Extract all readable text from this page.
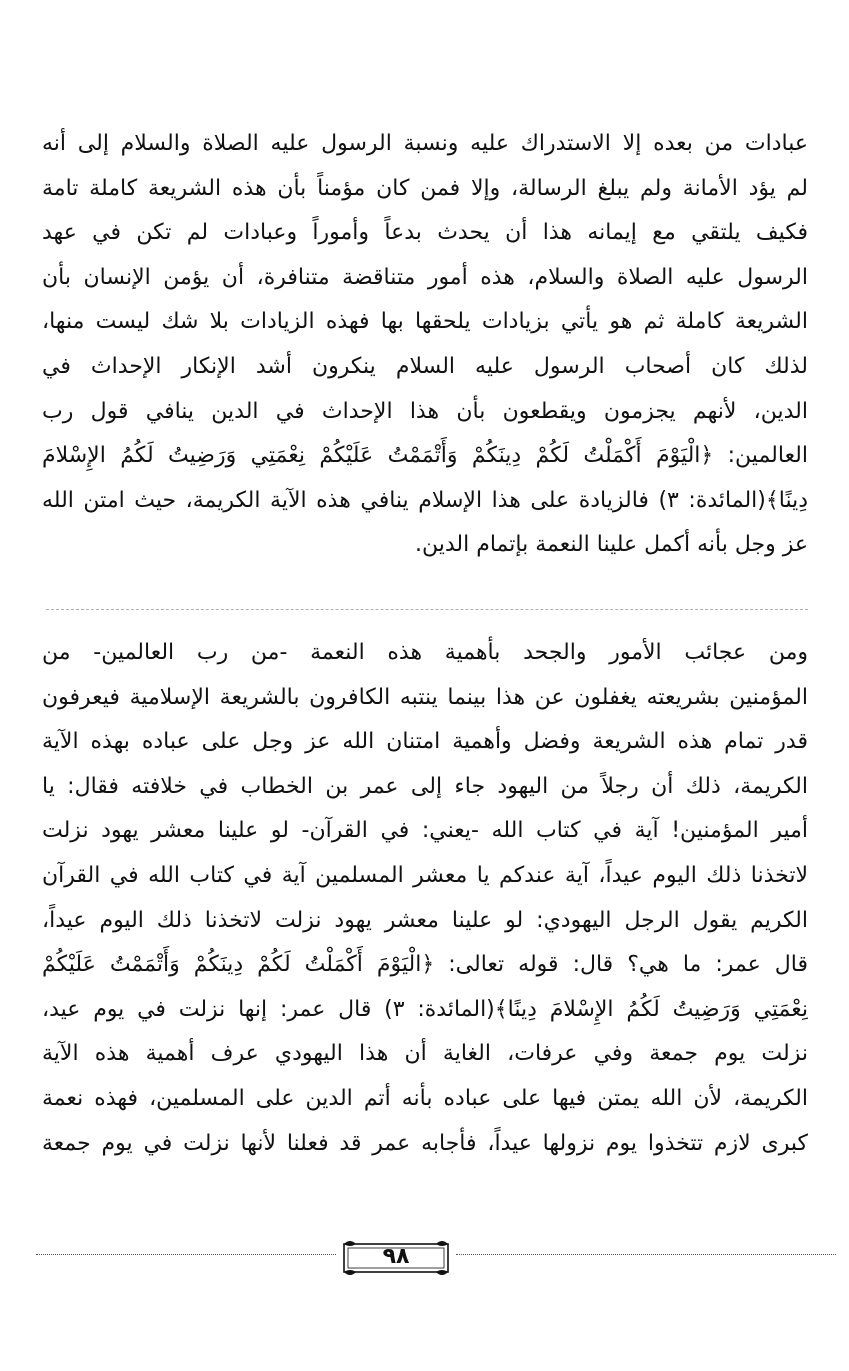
عبادات من بعده إلا الاستدراك عليه ونسبة الرسول عليه الصلاة والسلام إلى أنه
لم يؤد الأمانة ولم يبلغ الرسالة، وإلا فمن كان مؤمناً بأن هذه الشريعة كاملة تامة
فكيف يلتقي مع إيمانه هذا أن يحدث بدعاً وأموراً وعبادات لم تكن في عهد
الرسول عليه الصلاة والسلام، هذه أمور متناقضة متنافرة، أن يؤمن الإنسان بأن
الشريعة كاملة ثم هو يأتي بزيادات يلحقها بها فهذه الزيادات بلا شك ليست منها،
لذلك كان أصحاب الرسول عليه السلام ينكرون أشد الإنكار الإحداث في
الدين، لأنهم يجزمون ويقطعون بأن هذا الإحداث في الدين ينافي قول رب
العالمين: ﴿الْيَوْمَ أَكْمَلْتُ لَكُمْ دِينَكُمْ وَأَتْمَمْتُ عَلَيْكُمْ نِعْمَتِي وَرَضِيتُ لَكُمُ الإِسْلامَ
دِينًا﴾(المائدة: ٣) فالزيادة على هذا الإسلام ينافي هذه الآية الكريمة، حيث امتن الله
عز وجل بأنه أكمل علينا النعمة بإتمام الدين.
ومن عجائب الأمور والجحد بأهمية هذه النعمة -من رب العالمين- من
المؤمنين بشريعته يغفلون عن هذا بينما ينتبه الكافرون بالشريعة الإسلامية فيعرفون
قدر تمام هذه الشريعة وفضل وأهمية امتنان الله عز وجل على عباده بهذه الآية
الكريمة، ذلك أن رجلاً من اليهود جاء إلى عمر بن الخطاب في خلافته فقال: يا
أمير المؤمنين! آية في كتاب الله -يعني: في القرآن- لو علينا معشر يهود نزلت
لاتخذنا ذلك اليوم عيداً، آية عندكم يا معشر المسلمين آية في كتاب الله في القرآن
الكريم يقول الرجل اليهودي: لو علينا معشر يهود نزلت لاتخذنا ذلك اليوم عيداً،
قال عمر: ما هي؟ قال: قوله تعالى: ﴿الْيَوْمَ أَكْمَلْتُ لَكُمْ دِينَكُمْ وَأَتْمَمْتُ عَلَيْكُمْ
نِعْمَتِي وَرَضِيتُ لَكُمُ الإِسْلامَ دِينًا﴾(المائدة: ٣) قال عمر: إنها نزلت في يوم عيد،
نزلت يوم جمعة وفي عرفات، الغاية أن هذا اليهودي عرف أهمية هذه الآية
الكريمة، لأن الله يمتن فيها على عباده بأنه أتم الدين على المسلمين، فهذه نعمة
كبرى لازم تتخذوا يوم نزولها عيداً، فأجابه عمر قد فعلنا لأنها نزلت في يوم جمعة
٩٨
